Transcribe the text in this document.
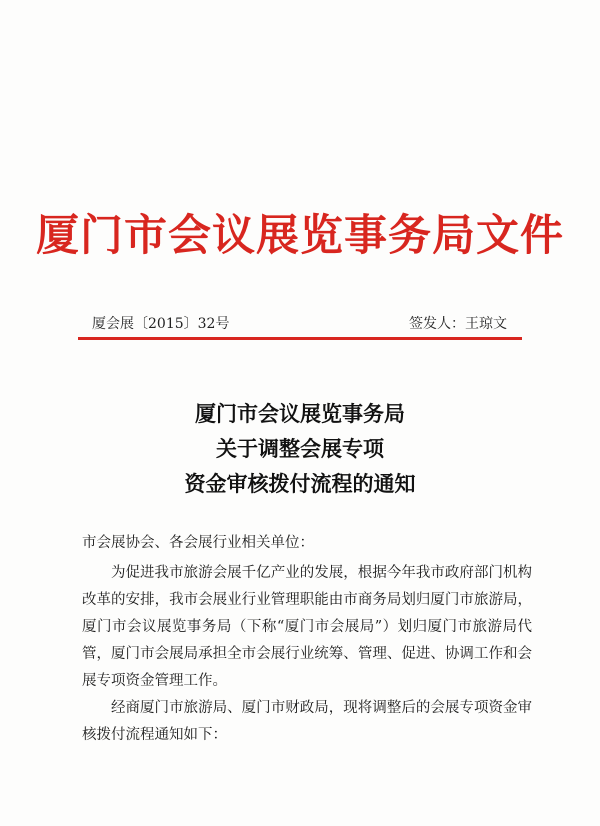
厦门市会议展览事务局文件
厦会展〔2015〕32号	签发人：王琼文
厦门市会议展览事务局
关于调整会展专项
资金审核拨付流程的通知

市会展协会、各会展行业相关单位：

为促进我市旅游会展千亿产业的发展，根据今年我市政府部门机构改革的安排，我市会展业行业管理职能由市商务局划归厦门市旅游局，厦门市会议展览事务局（下称“厦门市会展局”）划归厦门市旅游局代管，厦门市会展局承担全市会展行业统筹、管理、促进、协调工作和会展专项资金管理工作。

经商厦门市旅游局、厦门市财政局，现将调整后的会展专项资金审核拨付流程通知如下：
